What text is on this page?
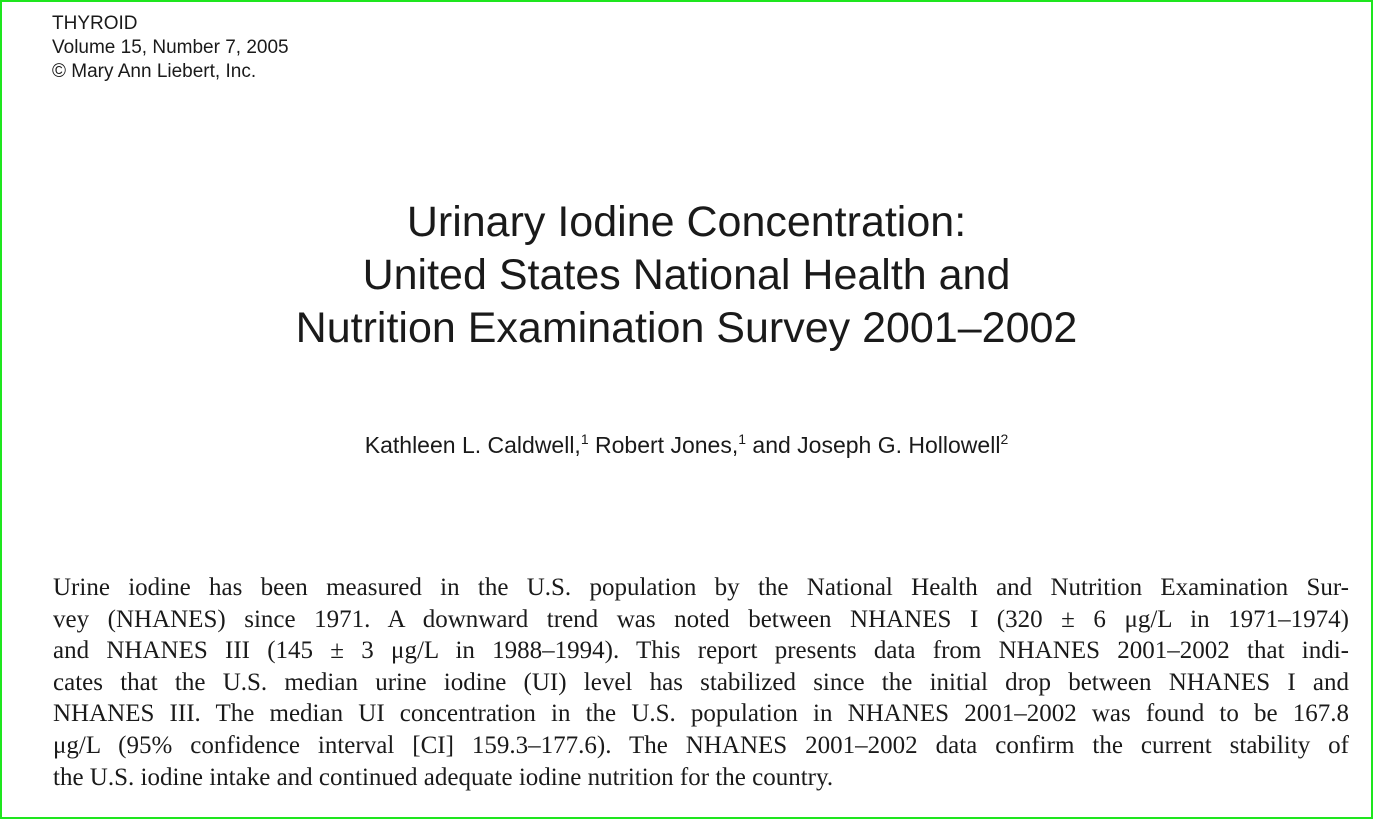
THYROID
Volume 15, Number 7, 2005
© Mary Ann Liebert, Inc.
Urinary Iodine Concentration:
United States National Health and
Nutrition Examination Survey 2001–2002
Kathleen L. Caldwell,$^1$ Robert Jones,$^1$ and Joseph G. Hollowell$^2$
Urine iodine has been measured in the U.S. population by the National Health and Nutrition Examination Sur-
vey (NHANES) since 1971. A downward trend was noted between NHANES I (320 ± 6 μg/L in 1971–1974)
and NHANES III (145 ± 3 μg/L in 1988–1994). This report presents data from NHANES 2001–2002 that indi-
cates that the U.S. median urine iodine (UI) level has stabilized since the initial drop between NHANES I and
NHANES III. The median UI concentration in the U.S. population in NHANES 2001–2002 was found to be 167.8
μg/L (95% confidence interval [CI] 159.3–177.6). The NHANES 2001–2002 data confirm the current stability of
the U.S. iodine intake and continued adequate iodine nutrition for the country.
